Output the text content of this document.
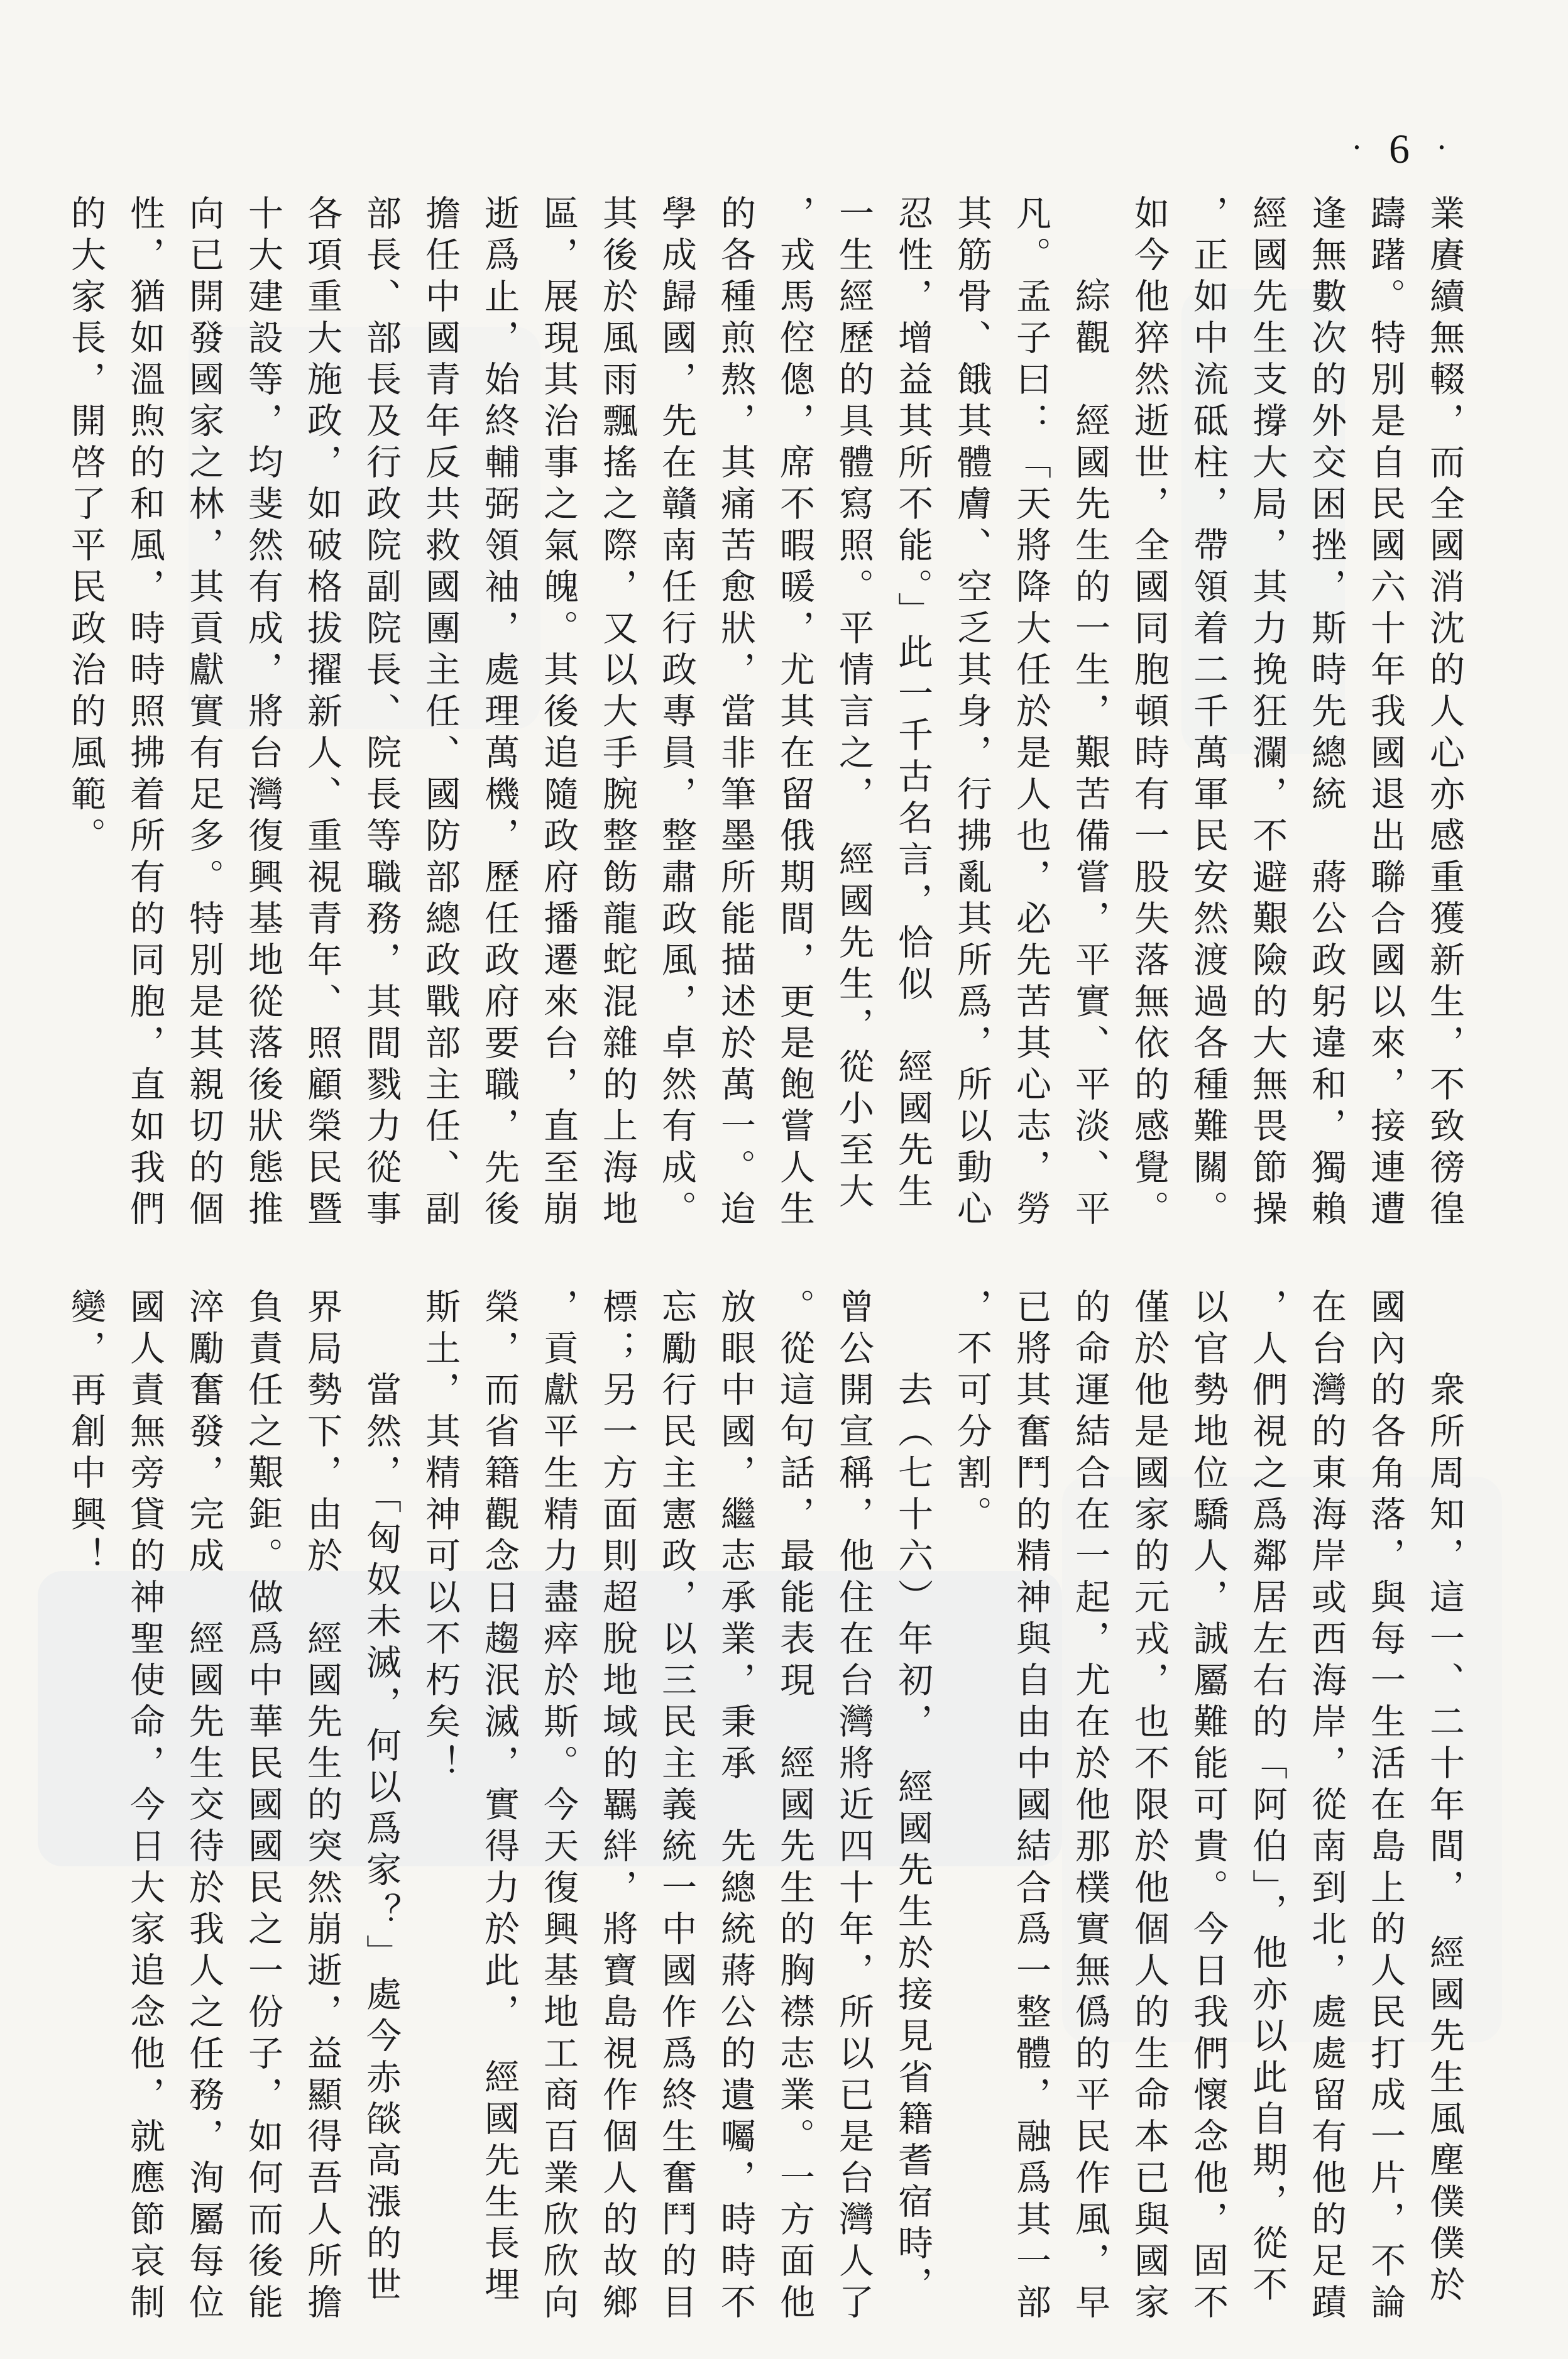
· 6 ·
業賡續無輟，而全國消沈的人心亦感重獲新生，不致徬徨
躊躇。特別是自民國六十年我國退出聯合國以來，接連遭
逢無數次的外交困挫，斯時先總統　蔣公政躬違和，獨賴
經國先生支撐大局，其力挽狂瀾，不避艱險的大無畏節操
，正如中流砥柱，帶領着二千萬軍民安然渡過各種難關。
如今他猝然逝世，全國同胞頓時有一股失落無依的感覺。
　　綜觀　經國先生的一生，艱苦備嘗，平實、平淡、平
凡。孟子曰：「天將降大任於是人也，必先苦其心志，勞
其筋骨、餓其體膚、空乏其身，行拂亂其所爲，所以動心
忍性，增益其所不能。」此一千古名言，恰似　經國先生
一生經歷的具體寫照。平情言之，　經國先生，從小至大
，戎馬倥傯，席不暇暖，尤其在留俄期間，更是飽嘗人生
的各種煎熬，其痛苦愈狀，當非筆墨所能描述於萬一。迨
學成歸國，先在贛南任行政專員，整肅政風，卓然有成。
其後於風雨飄搖之際，又以大手腕整飭龍蛇混雜的上海地
區，展現其治事之氣魄。其後追隨政府播遷來台，直至崩
逝爲止，始終輔弼領袖，處理萬機，歷任政府要職，先後
擔任中國青年反共救國團主任、國防部總政戰部主任、副
部長、部長及行政院副院長、院長等職務，其間戮力從事
各項重大施政，如破格拔擢新人、重視青年、照顧榮民暨
十大建設等，均斐然有成，將台灣復興基地從落後狀態推
向已開發國家之林，其貢獻實有足多。特別是其親切的個
性，猶如溫煦的和風，時時照拂着所有的同胞，直如我們
的大家長，開啓了平民政治的風範。
　　衆所周知，這一、二十年間，　經國先生風塵僕僕於
國內的各角落，與每一生活在島上的人民打成一片，不論
在台灣的東海岸或西海岸，從南到北，處處留有他的足蹟
，人們視之爲鄰居左右的「阿伯」，他亦以此自期，從不
以官勢地位驕人，誠屬難能可貴。今日我們懷念他，固不
僅於他是國家的元戎，也不限於他個人的生命本已與國家
的命運結合在一起，尤在於他那樸實無僞的平民作風，早
已將其奮鬥的精神與自由中國結合爲一整體，融爲其一部
，不可分割。
　　去（七十六）年初，　經國先生於接見省籍耆宿時，
曾公開宣稱，他住在台灣將近四十年，所以已是台灣人了
。從這句話，最能表現　經國先生的胸襟志業。一方面他
放眼中國，繼志承業，秉承　先總統蔣公的遺囑，時時不
忘勵行民主憲政，以三民主義統一中國作爲終生奮鬥的目
標；另一方面則超脫地域的羈絆，將寶島視作個人的故鄉
，貢獻平生精力盡瘁於斯。今天復興基地工商百業欣欣向
榮，而省籍觀念日趨泯滅，實得力於此，　經國先生長埋
斯土，其精神可以不朽矣！
　　當然，「匈奴未滅，何以爲家？」處今赤燄高漲的世
界局勢下，由於　經國先生的突然崩逝，益顯得吾人所擔
負責任之艱鉅。做爲中華民國國民之一份子，如何而後能
淬勵奮發，完成　經國先生交待於我人之任務，洵屬每位
國人責無旁貸的神聖使命，今日大家追念他，就應節哀制
變，再創中興！
